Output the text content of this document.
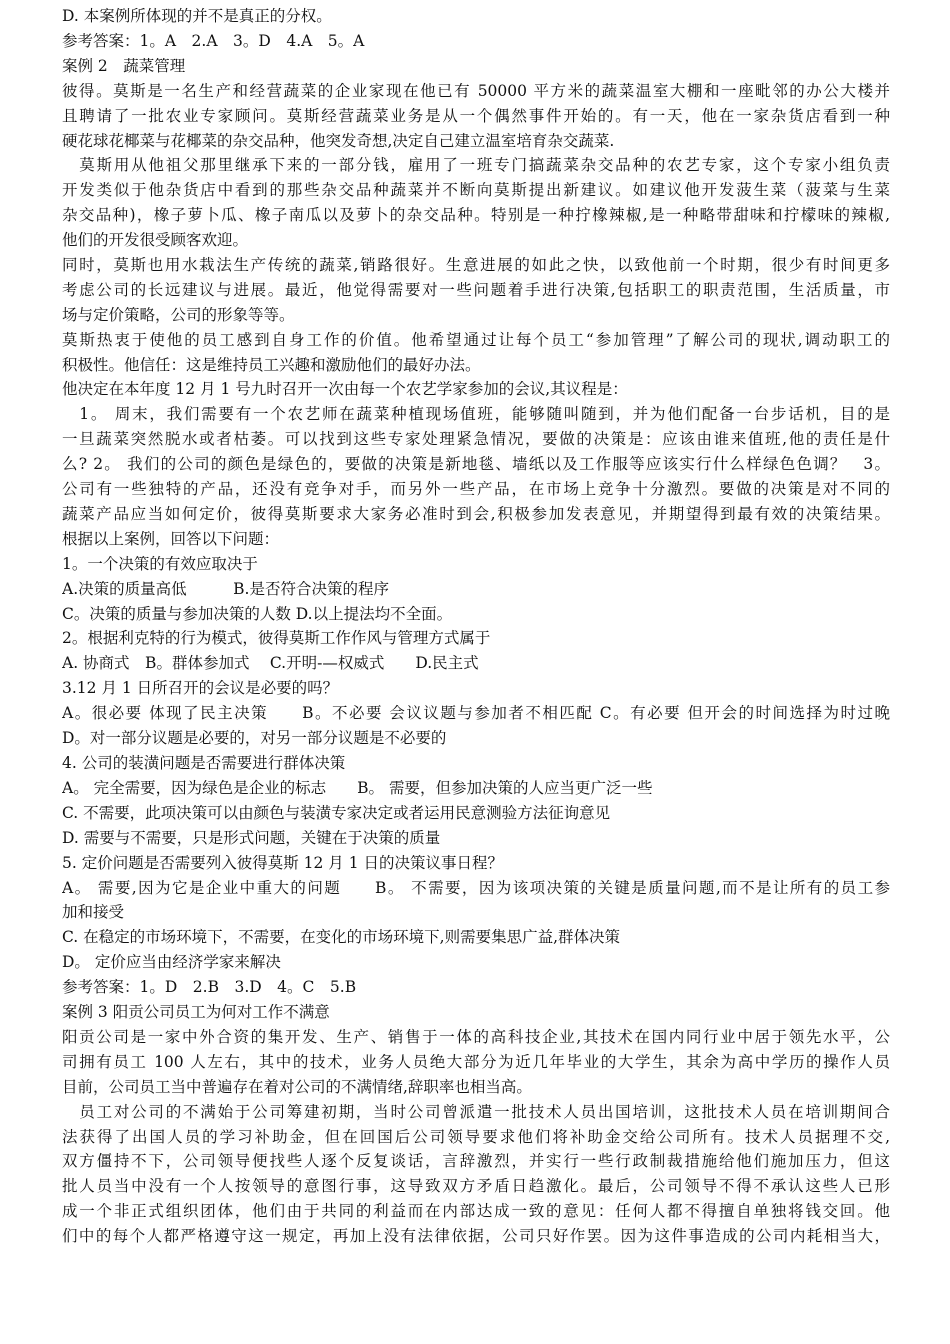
D. 本案例所体现的并不是真正的分权。

参考答案：1。A　2.A　3。D　4.A　5。A

案例 2　蔬菜管理

彼得。莫斯是一名生产和经营蔬菜的企业家现在他已有 50000 平方米的蔬菜温室大棚和一座毗邻的办公大楼并

且聘请了一批农业专家顾问。莫斯经营蔬菜业务是从一个偶然事件开始的。有一天，他在一家杂货店看到一种

硬花球花椰菜与花椰菜的杂交品种，他突发奇想,决定自己建立温室培育杂交蔬菜.

　莫斯用从他祖父那里继承下来的一部分钱，雇用了一班专门搞蔬菜杂交品种的农艺专家，这个专家小组负责

开发类似于他杂货店中看到的那些杂交品种蔬菜并不断向莫斯提出新建议。如建议他开发菠生菜（菠菜与生菜

杂交品种)，橡子萝卜瓜、橡子南瓜以及萝卜的杂交品种。特别是一种拧橡辣椒,是一种略带甜味和拧檬味的辣椒,

他们的开发很受顾客欢迎。

同时，莫斯也用水栽法生产传统的蔬菜,销路很好。生意进展的如此之快，以致他前一个时期，很少有时间更多

考虑公司的长远建议与进展。最近，他觉得需要对一些问题着手进行决策,包括职工的职责范围，生活质量，市

场与定价策略，公司的形象等等。

莫斯热衷于使他的员工感到自身工作的价值。他希望通过让每个员工“参加管理”了解公司的现状,调动职工的

积极性。他信任：这是维持员工兴趣和激励他们的最好办法。

他决定在本年度 12 月 1 号九时召开一次由每一个农艺学家参加的会议,其议程是：

　1。 周末，我们需要有一个农艺师在蔬菜种植现场值班，能够随叫随到，并为他们配备一台步话机，目的是

一旦蔬菜突然脱水或者枯萎。可以找到这些专家处理紧急情况，要做的决策是：应该由谁来值班,他的责任是什

么? 2。 我们的公司的颜色是绿色的，要做的决策是新地毯、墙纸以及工作服等应该实行什么样绿色色调？　3。

公司有一些独特的产品，还没有竞争对手，而另外一些产品，在市场上竞争十分激烈。要做的决策是对不同的

蔬菜产品应当如何定价，彼得莫斯要求大家务必准时到会,积极参加发表意见，并期望得到最有效的决策结果。

根据以上案例，回答以下问题：

1。一个决策的有效应取决于

A.决策的质量高低　　　B.是否符合决策的程序

C。决策的质量与参加决策的人数 D.以上提法均不全面。

2。根据利克特的行为模式，彼得莫斯工作作风与管理方式属于

A. 协商式　B。群体参加式　 C.开明-—权威式　　D.民主式

3.12 月 1 日所召开的会议是必要的吗？

A。很必要 体现了民主决策　　B。不必要 会议议题与参加者不相匹配 C。有必要 但开会的时间选择为时过晚

D。对一部分议题是必要的，对另一部分议题是不必要的

4. 公司的装潢问题是否需要进行群体决策

A。 完全需要，因为绿色是企业的标志　　B。 需要，但参加决策的人应当更广泛一些

C. 不需要，此项决策可以由颜色与装潢专家决定或者运用民意测验方法征询意见

D. 需要与不需要，只是形式问题，关键在于决策的质量

5. 定价问题是否需要列入彼得莫斯 12 月 1 日的决策议事日程？

A。 需要,因为它是企业中重大的问题　　B。 不需要，因为该项决策的关键是质量问题,而不是让所有的员工参

加和接受

C. 在稳定的市场环境下，不需要，在变化的市场环境下,则需要集思广益,群体决策

D。 定价应当由经济学家来解决

参考答案：1。D　2.B　3.D　4。C　5.B

案例 3 阳贡公司员工为何对工作不满意

阳贡公司是一家中外合资的集开发、生产、销售于一体的高科技企业,其技术在国内同行业中居于领先水平，公

司拥有员工 100 人左右，其中的技术，业务人员绝大部分为近几年毕业的大学生，其余为高中学历的操作人员

目前，公司员工当中普遍存在着对公司的不满情绪,辞职率也相当高。

　员工对公司的不满始于公司筹建初期，当时公司曾派遣一批技术人员出国培训，这批技术人员在培训期间合

法获得了出国人员的学习补助金，但在回国后公司领导要求他们将补助金交给公司所有。技术人员据理不交,

双方僵持不下，公司领导便找些人逐个反复谈话，言辞激烈，并实行一些行政制裁措施给他们施加压力，但这

批人员当中没有一个人按领导的意图行事，这导致双方矛盾日趋激化。最后，公司领导不得不承认这些人已形

成一个非正式组织团体，他们由于共同的利益而在内部达成一致的意见：任何人都不得擅自单独将钱交回。他

们中的每个人都严格遵守这一规定，再加上没有法律依据，公司只好作罢。因为这件事造成的公司内耗相当大，
